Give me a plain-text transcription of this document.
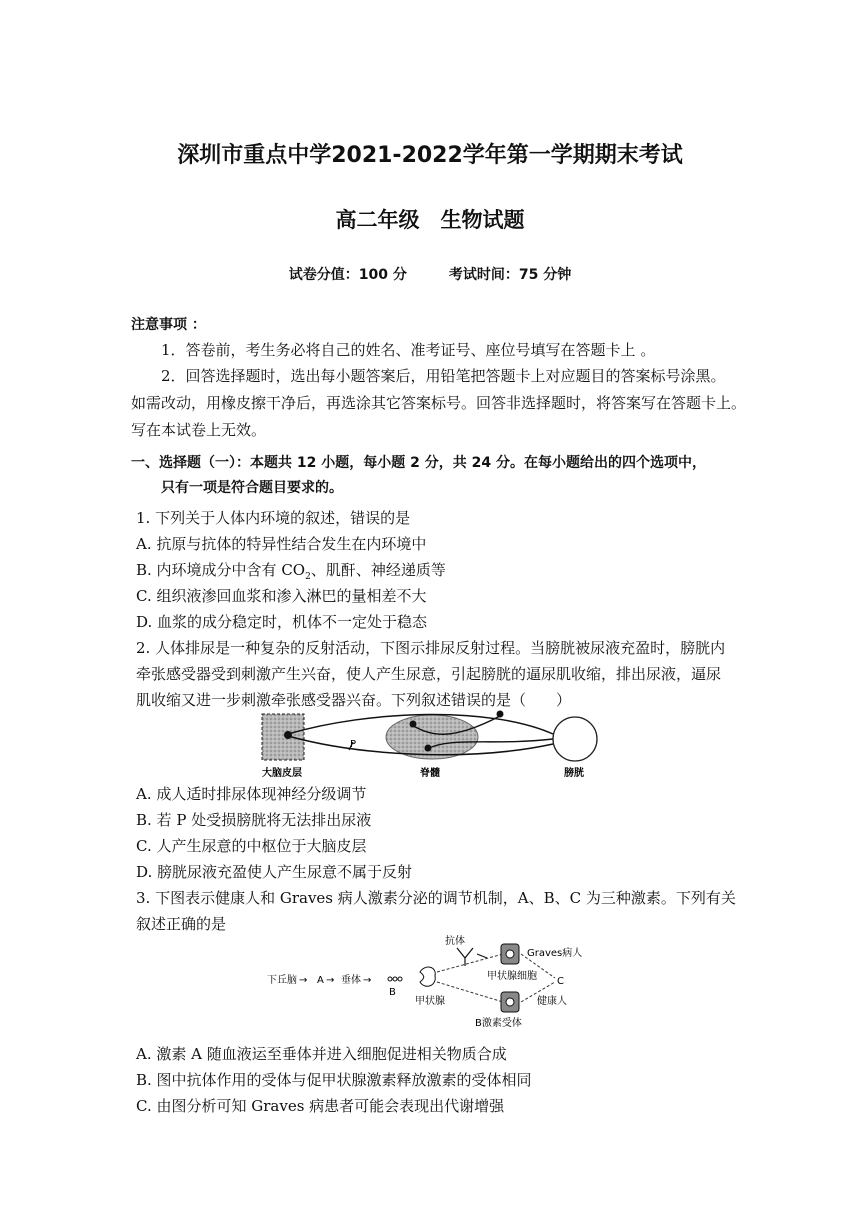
深圳市重点中学2021-2022学年第一学期期末考试
高二年级　生物试题
试卷分值：100 分　　　考试时间：75 分钟
注意事项 ：
1．答卷前，考生务必将自己的姓名、准考证号、座位号填写在答题卡上 。
2．回答选择题时，选出每小题答案后，用铅笔把答题卡上对应题目的答案标号涂黑。
如需改动，用橡皮擦干净后，再选涂其它答案标号。回答非选择题时，将答案写在答题卡上。
写在本试卷上无效。
一、选择题（一）：本题共 12 小题，每小题 2 分，共 24 分。在每小题给出的四个选项中，
只有一项是符合题目要求的。
1. 下列关于人体内环境的叙述，错误的是
A. 抗原与抗体的特异性结合发生在内环境中
B. 内环境成分中含有 $CO_2$、肌酐、神经递质等
C. 组织液渗回血浆和渗入淋巴的量相差不大
D. 血浆的成分稳定时，机体不一定处于稳态
2. 人体排尿是一种复杂的反射活动，下图示排尿反射过程。当膀胱被尿液充盈时，膀胱内
牵张感受器受到刺激产生兴奋，使人产生尿意，引起膀胱的逼尿肌收缩，排出尿液，逼尿
肌收缩又进一步刺激牵张感受器兴奋。下列叙述错误的是（　　）
P
大脑皮层	脊髓	膀胱
A. 成人适时排尿体现神经分级调节
B. 若 P 处受损膀胱将无法排出尿液
C. 人产生尿意的中枢位于大脑皮层
D. 膀胱尿液充盈使人产生尿意不属于反射
3. 下图表示健康人和 Graves 病人激素分泌的调节机制，A、B、C 为三种激素。下列有关
叙述正确的是
下丘脑 → A → 垂体 →
B
甲状腺
抗体
Graves病人
甲状腺细胞 C
健康人
B激素受体
A. 激素 A 随血液运至垂体并进入细胞促进相关物质合成
B. 图中抗体作用的受体与促甲状腺激素释放激素的受体相同
C. 由图分析可知 Graves 病患者可能会表现出代谢增强
